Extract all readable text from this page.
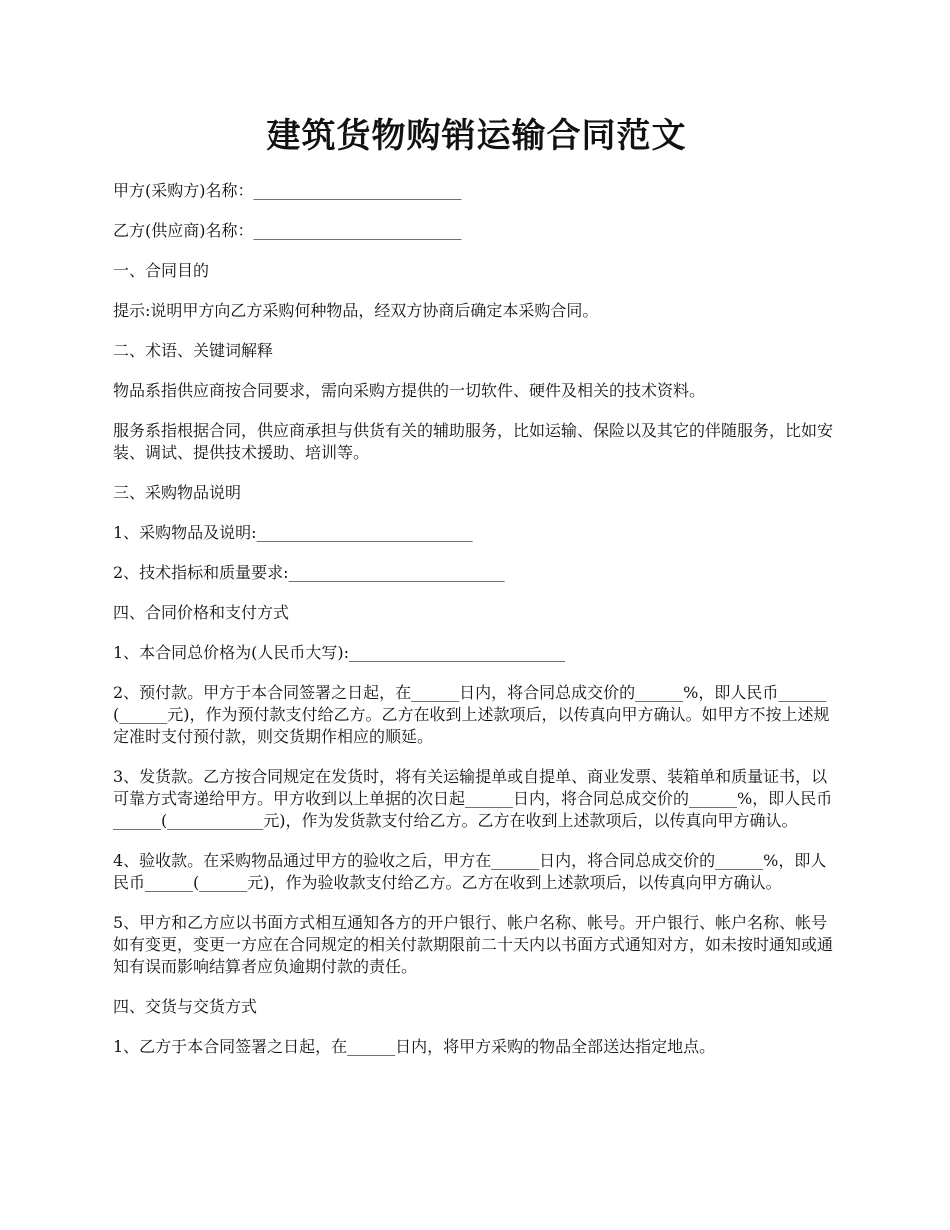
建筑货物购销运输合同范文

甲方(采购方)名称：__________________________

乙方(供应商)名称：__________________________

一、合同目的

提示:说明甲方向乙方采购何种物品，经双方协商后确定本采购合同。

二、术语、关键词解释

物品系指供应商按合同要求，需向采购方提供的一切软件、硬件及相关的技术资料。

服务系指根据合同，供应商承担与供货有关的辅助服务，比如运输、保险以及其它的伴随服务，比如安装、调试、提供技术援助、培训等。

三、采购物品说明

1、采购物品及说明:___________________________

2、技术指标和质量要求:___________________________

四、合同价格和支付方式

1、本合同总价格为(人民币大写):___________________________

2、预付款。甲方于本合同签署之日起，在______日内，将合同总成交价的______%，即人民币______(______元)，作为预付款支付给乙方。乙方在收到上述款项后，以传真向甲方确认。如甲方不按上述规定准时支付预付款，则交货期作相应的顺延。

3、发货款。乙方按合同规定在发货时，将有关运输提单或自提单、商业发票、装箱单和质量证书，以可靠方式寄递给甲方。甲方收到以上单据的次日起______日内，将合同总成交价的______%，即人民币______(____________元)，作为发货款支付给乙方。乙方在收到上述款项后，以传真向甲方确认。

4、验收款。在采购物品通过甲方的验收之后，甲方在______日内，将合同总成交价的______%，即人民币______(______元)，作为验收款支付给乙方。乙方在收到上述款项后，以传真向甲方确认。

5、甲方和乙方应以书面方式相互通知各方的开户银行、帐户名称、帐号。开户银行、帐户名称、帐号如有变更，变更一方应在合同规定的相关付款期限前二十天内以书面方式通知对方，如未按时通知或通知有误而影响结算者应负逾期付款的责任。

四、交货与交货方式

1、乙方于本合同签署之日起，在______日内，将甲方采购的物品全部送达指定地点。
